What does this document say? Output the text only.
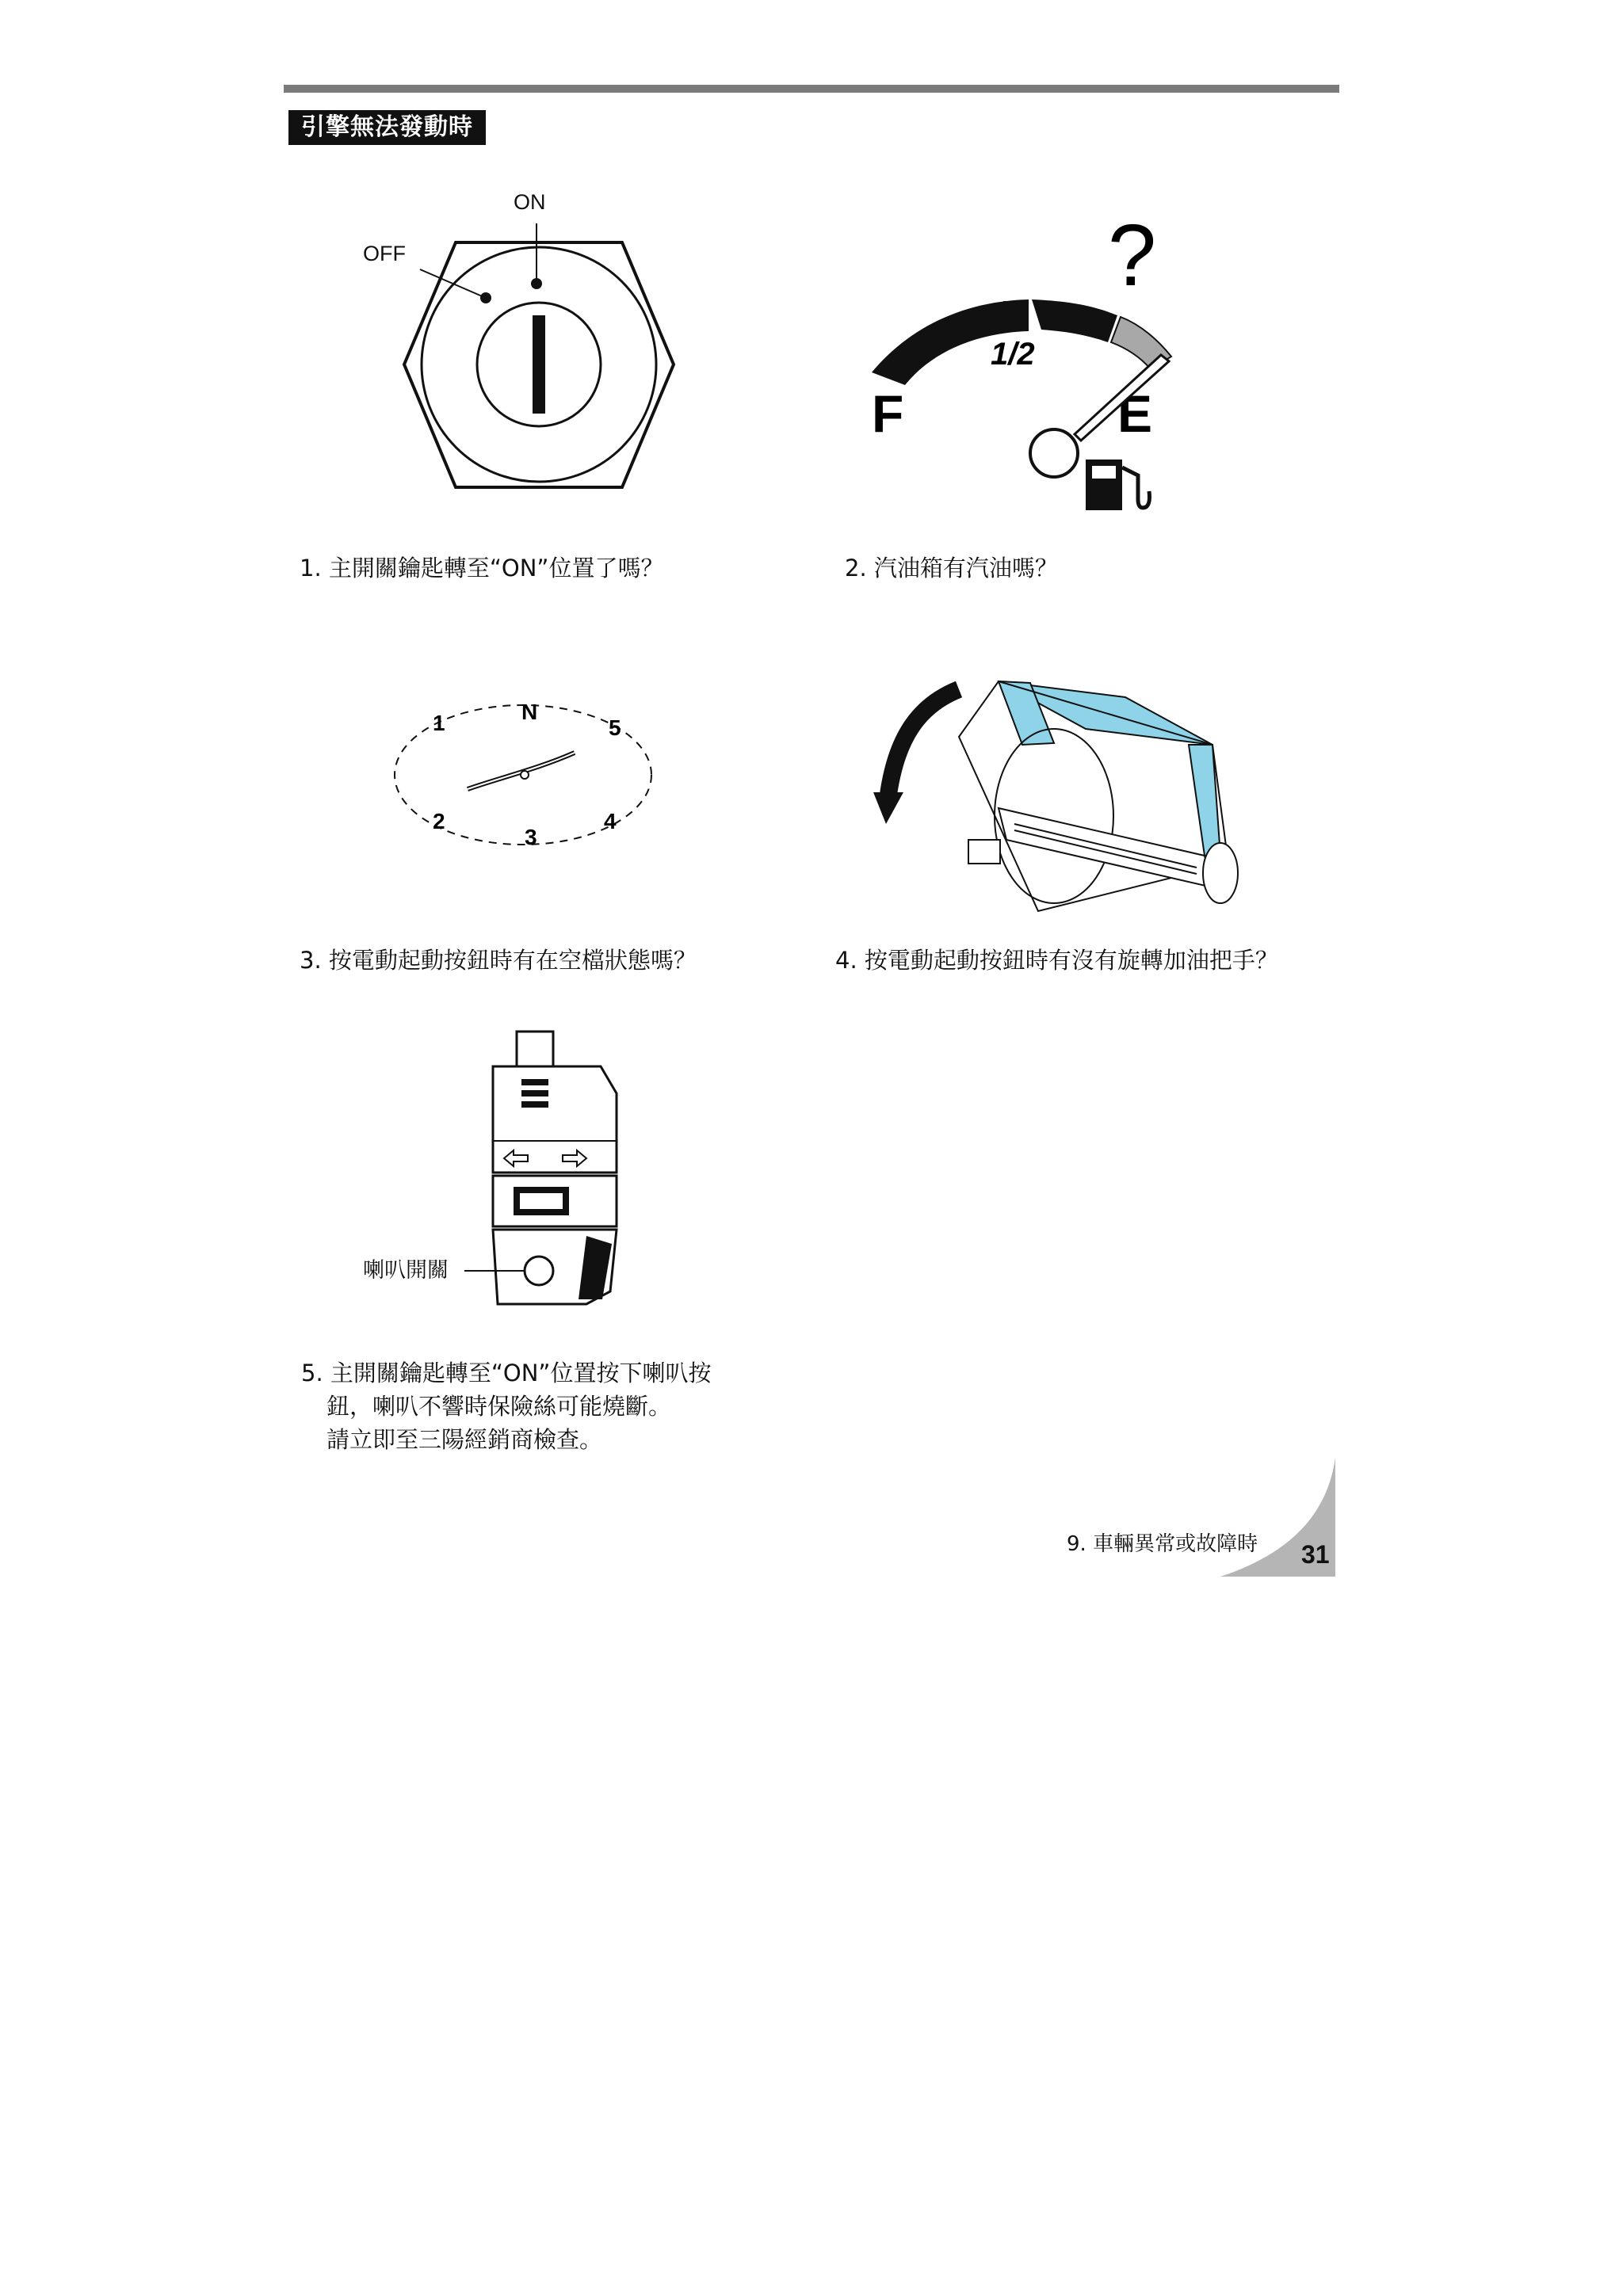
引擎無法發動時
ON
OFF
1/2
?
F	E
1	N
5
2
3
4
喇叭開關
1. 主開關鑰匙轉至“ON”位置了嗎？	2. 汽油箱有汽油嗎？
3. 按電動起動按鈕時有在空檔狀態嗎？	4. 按電動起動按鈕時有沒有旋轉加油把手？
5. 主開關鑰匙轉至“ON”位置按下喇叭按
鈕，喇叭不響時保險絲可能燒斷。
請立即至三陽經銷商檢查。
9. 車輛異常或故障時 31
